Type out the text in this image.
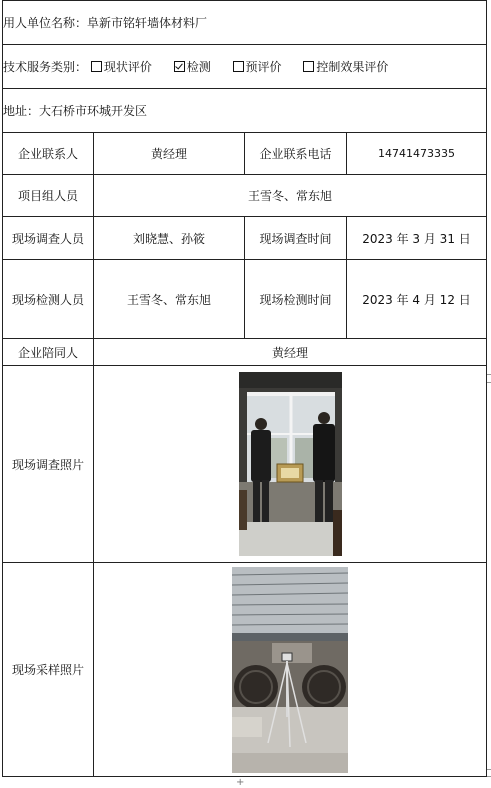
用人单位名称：阜新市铭轩墙体材料厂			
技术服务类别： 现状评价 检测 预评价 控制效果评价			
地址：大石桥市环城开发区			
企业联系人	黄经理	企业联系电话	14741473335
项目组人员	王雪冬、常东旭		
现场调查人员	刘晓慧、孙筱	现场调查时间	2023 年 3 月 31 日
现场检测人员	王雪冬、常东旭	现场检测时间	2023 年 4 月 12 日
企业陪同人	黄经理		
现场调查照片	

现场采样照片	
+
